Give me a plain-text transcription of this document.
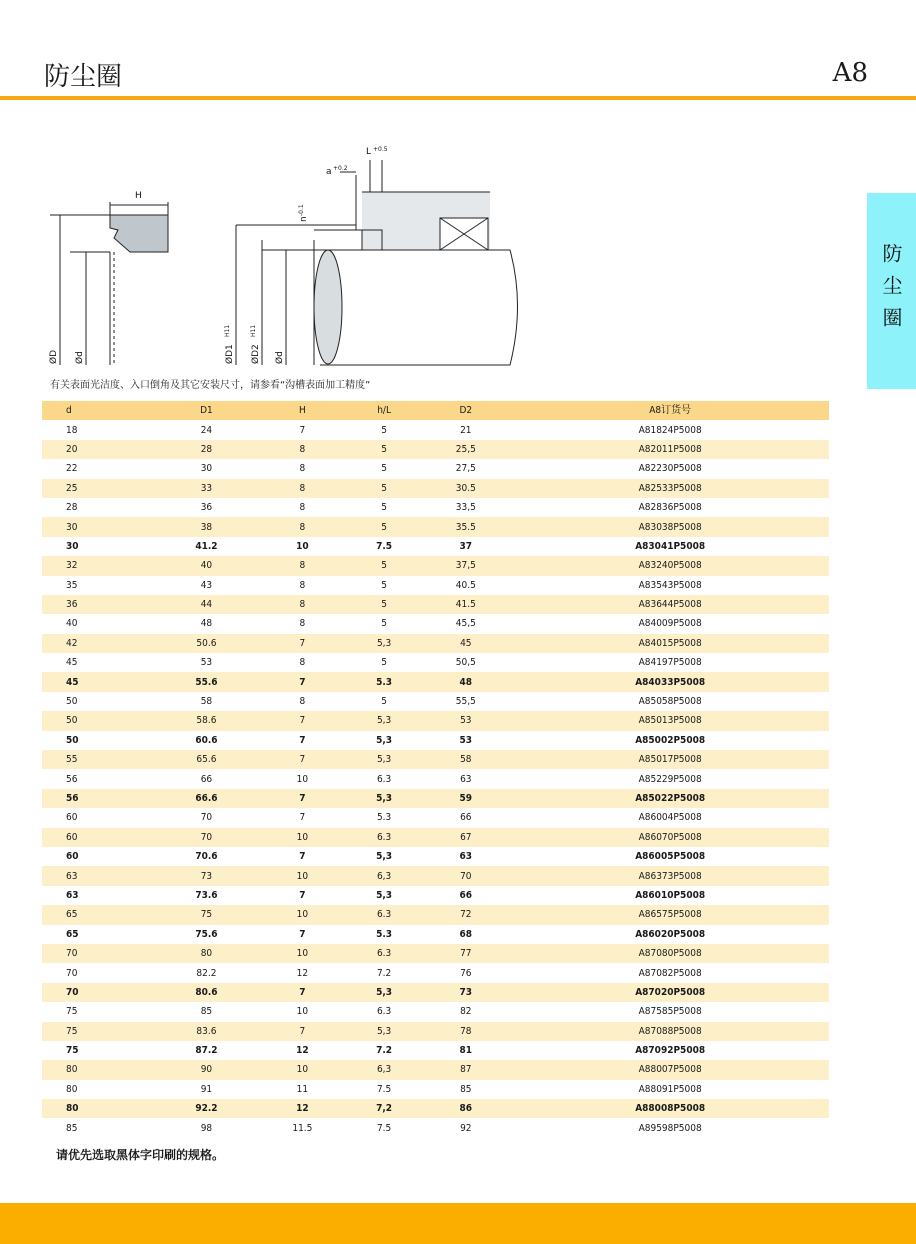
防尘圈	A8
防尘圈
H
L +0.5
a +0.2
n
-0.1
ØD Ød	ØD1
H11
ØD2
H11
Ød
有关表面光洁度、入口倒角及其它安装尺寸，请参看“沟槽表面加工精度”
d	D1	H	h/L	D2	A8订货号
18	24	7	5	21	A81824P5008
20	28	8	5	25,5	A82011P5008
22	30	8	5	27,5	A82230P5008
25	33	8	5	30.5	A82533P5008
28	36	8	5	33,5	A82836P5008
30	38	8	5	35.5	A83038P5008
30	41.2	10	7.5	37	A83041P5008
32	40	8	5	37,5	A83240P5008
35	43	8	5	40.5	A83543P5008
36	44	8	5	41.5	A83644P5008
40	48	8	5	45,5	A84009P5008
42	50.6	7	5,3	45	A84015P5008
45	53	8	5	50,5	A84197P5008
45	55.6	7	5.3	48	A84033P5008
50	58	8	5	55,5	A85058P5008
50	58.6	7	5,3	53	A85013P5008
50	60.6	7	5,3	53	A85002P5008
55	65.6	7	5,3	58	A85017P5008
56	66	10	6.3	63	A85229P5008
56	66.6	7	5,3	59	A85022P5008
60	70	7	5.3	66	A86004P5008
60	70	10	6.3	67	A86070P5008
60	70.6	7	5,3	63	A86005P5008
63	73	10	6,3	70	A86373P5008
63	73.6	7	5,3	66	A86010P5008
65	75	10	6.3	72	A86575P5008
65	75.6	7	5.3	68	A86020P5008
70	80	10	6.3	77	A87080P5008
70	82.2	12	7.2	76	A87082P5008
70	80.6	7	5,3	73	A87020P5008
75	85	10	6.3	82	A87585P5008
75	83.6	7	5,3	78	A87088P5008
75	87.2	12	7.2	81	A87092P5008
80	90	10	6,3	87	A88007P5008
80	91	11	7.5	85	A88091P5008
80	92.2	12	7,2	86	A88008P5008
85	98	11.5	7.5	92	A89598P5008
请优先选取黑体字印刷的规格。
